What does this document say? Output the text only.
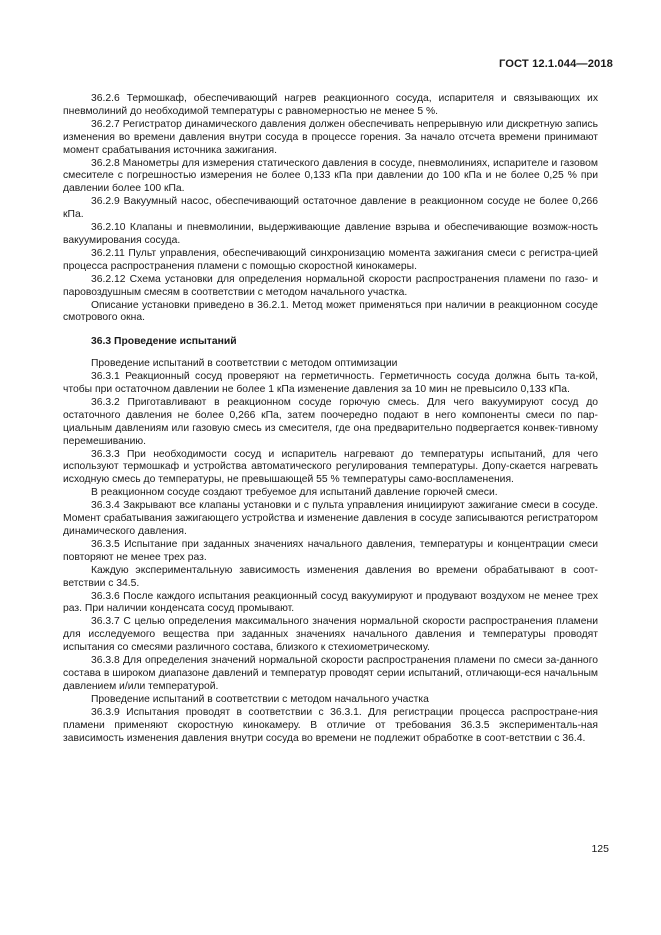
ГОСТ 12.1.044—2018

36.2.6 Термошкаф, обеспечивающий нагрев реакционного сосуда, испарителя и связывающих их пневмолиний до необходимой температуры с равномерностью не менее 5 %.

36.2.7 Регистратор динамического давления должен обеспечивать непрерывную или дискретную запись изменения во времени давления внутри сосуда в процессе горения. За начало отсчета времени принимают момент срабатывания источника зажигания.

36.2.8 Манометры для измерения статического давления в сосуде, пневмолиниях, испарителе и газовом смесителе с погрешностью измерения не более 0,133 кПа при давлении до 100 кПа и не более 0,25 % при давлении более 100 кПа.

36.2.9 Вакуумный насос, обеспечивающий остаточное давление в реакционном сосуде не более 0,266 кПа.

36.2.10 Клапаны и пневмолинии, выдерживающие давление взрыва и обеспечивающие возмож-ность вакуумирования сосуда.

36.2.11 Пульт управления, обеспечивающий синхронизацию момента зажигания смеси с регистра-цией процесса распространения пламени с помощью скоростной кинокамеры.

36.2.12 Схема установки для определения нормальной скорости распространения пламени по газо- и паровоздушным смесям в соответствии с методом начального участка.

Описание установки приведено в 36.2.1. Метод может применяться при наличии в реакционном сосуде смотрового окна.

36.3 Проведение испытаний

Проведение испытаний в соответствии с методом оптимизации

36.3.1 Реакционный сосуд проверяют на герметичность. Герметичность сосуда должна быть та-кой, чтобы при остаточном давлении не более 1 кПа изменение давления за 10 мин не превысило 0,133 кПа.

36.3.2 Приготавливают в реакционном сосуде горючую смесь. Для чего вакуумируют сосуд до остаточного давления не более 0,266 кПа, затем поочередно подают в него компоненты смеси по пар-циальным давлениям или газовую смесь из смесителя, где она предварительно подвергается конвек-тивному перемешиванию.

36.3.3 При необходимости сосуд и испаритель нагревают до температуры испытаний, для чего используют термошкаф и устройства автоматического регулирования температуры. Допу-скается нагревать исходную смесь до температуры, не превышающей 55 % температуры само-воспламенения.

В реакционном сосуде создают требуемое для испытаний давление горючей смеси.

36.3.4 Закрывают все клапаны установки и с пульта управления инициируют зажигание смеси в сосуде. Момент срабатывания зажигающего устройства и изменение давления в сосуде записываются регистратором динамического давления.

36.3.5 Испытание при заданных значениях начального давления, температуры и концентрации смеси повторяют не менее трех раз.

Каждую экспериментальную зависимость изменения давления во времени обрабатывают в соот-ветствии с 34.5.

36.3.6 После каждого испытания реакционный сосуд вакуумируют и продувают воздухом не менее трех раз. При наличии конденсата сосуд промывают.

36.3.7 С целью определения максимального значения нормальной скорости распространения пламени для исследуемого вещества при заданных значениях начального давления и температуры проводят испытания со смесями различного состава, близкого к стехиометрическому.

36.3.8 Для определения значений нормальной скорости распространения пламени по смеси за-данного состава в широком диапазоне давлений и температур проводят серии испытаний, отличающи-еся начальным давлением и/или температурой.

Проведение испытаний в соответствии с методом начального участка

36.3.9 Испытания проводят в соответствии с 36.3.1. Для регистрации процесса распростране-ния пламени применяют скоростную кинокамеру. В отличие от требования 36.3.5 эксперименталь-ная зависимость изменения давления внутри сосуда во времени не подлежит обработке в соот-ветствии с 36.4.

125
